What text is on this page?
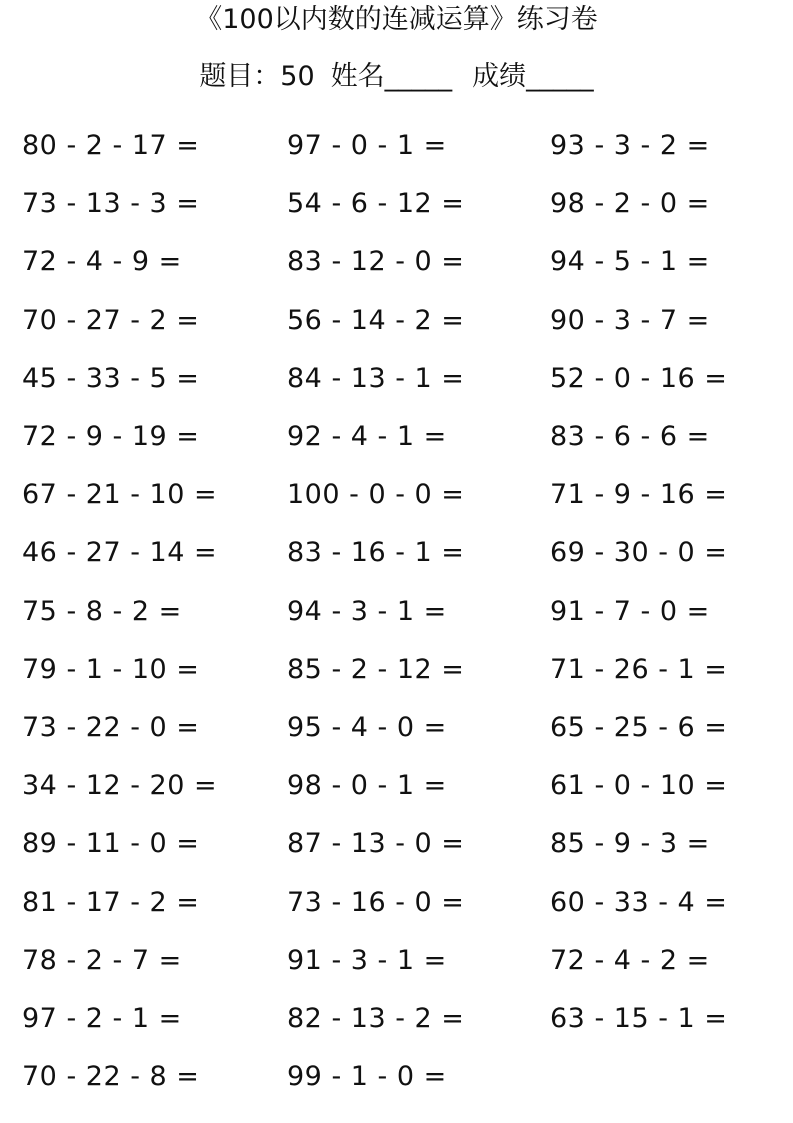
《100以内数的连减运算》练习卷
题目：50 姓名_____ 成绩_____
80 - 2 - 17 =
73 - 13 - 3 =
72 - 4 - 9 =
70 - 27 - 2 =
45 - 33 - 5 =
72 - 9 - 19 =
67 - 21 - 10 =
46 - 27 - 14 =
75 - 8 - 2 =
79 - 1 - 10 =
73 - 22 - 0 =
34 - 12 - 20 =
89 - 11 - 0 =
81 - 17 - 2 =
78 - 2 - 7 =
97 - 2 - 1 =
70 - 22 - 8 =
97 - 0 - 1 =
54 - 6 - 12 =
83 - 12 - 0 =
56 - 14 - 2 =
84 - 13 - 1 =
92 - 4 - 1 =
100 - 0 - 0 =
83 - 16 - 1 =
94 - 3 - 1 =
85 - 2 - 12 =
95 - 4 - 0 =
98 - 0 - 1 =
87 - 13 - 0 =
73 - 16 - 0 =
91 - 3 - 1 =
82 - 13 - 2 =
99 - 1 - 0 =
93 - 3 - 2 =
98 - 2 - 0 =
94 - 5 - 1 =
90 - 3 - 7 =
52 - 0 - 16 =
83 - 6 - 6 =
71 - 9 - 16 =
69 - 30 - 0 =
91 - 7 - 0 =
71 - 26 - 1 =
65 - 25 - 6 =
61 - 0 - 10 =
85 - 9 - 3 =
60 - 33 - 4 =
72 - 4 - 2 =
63 - 15 - 1 =
